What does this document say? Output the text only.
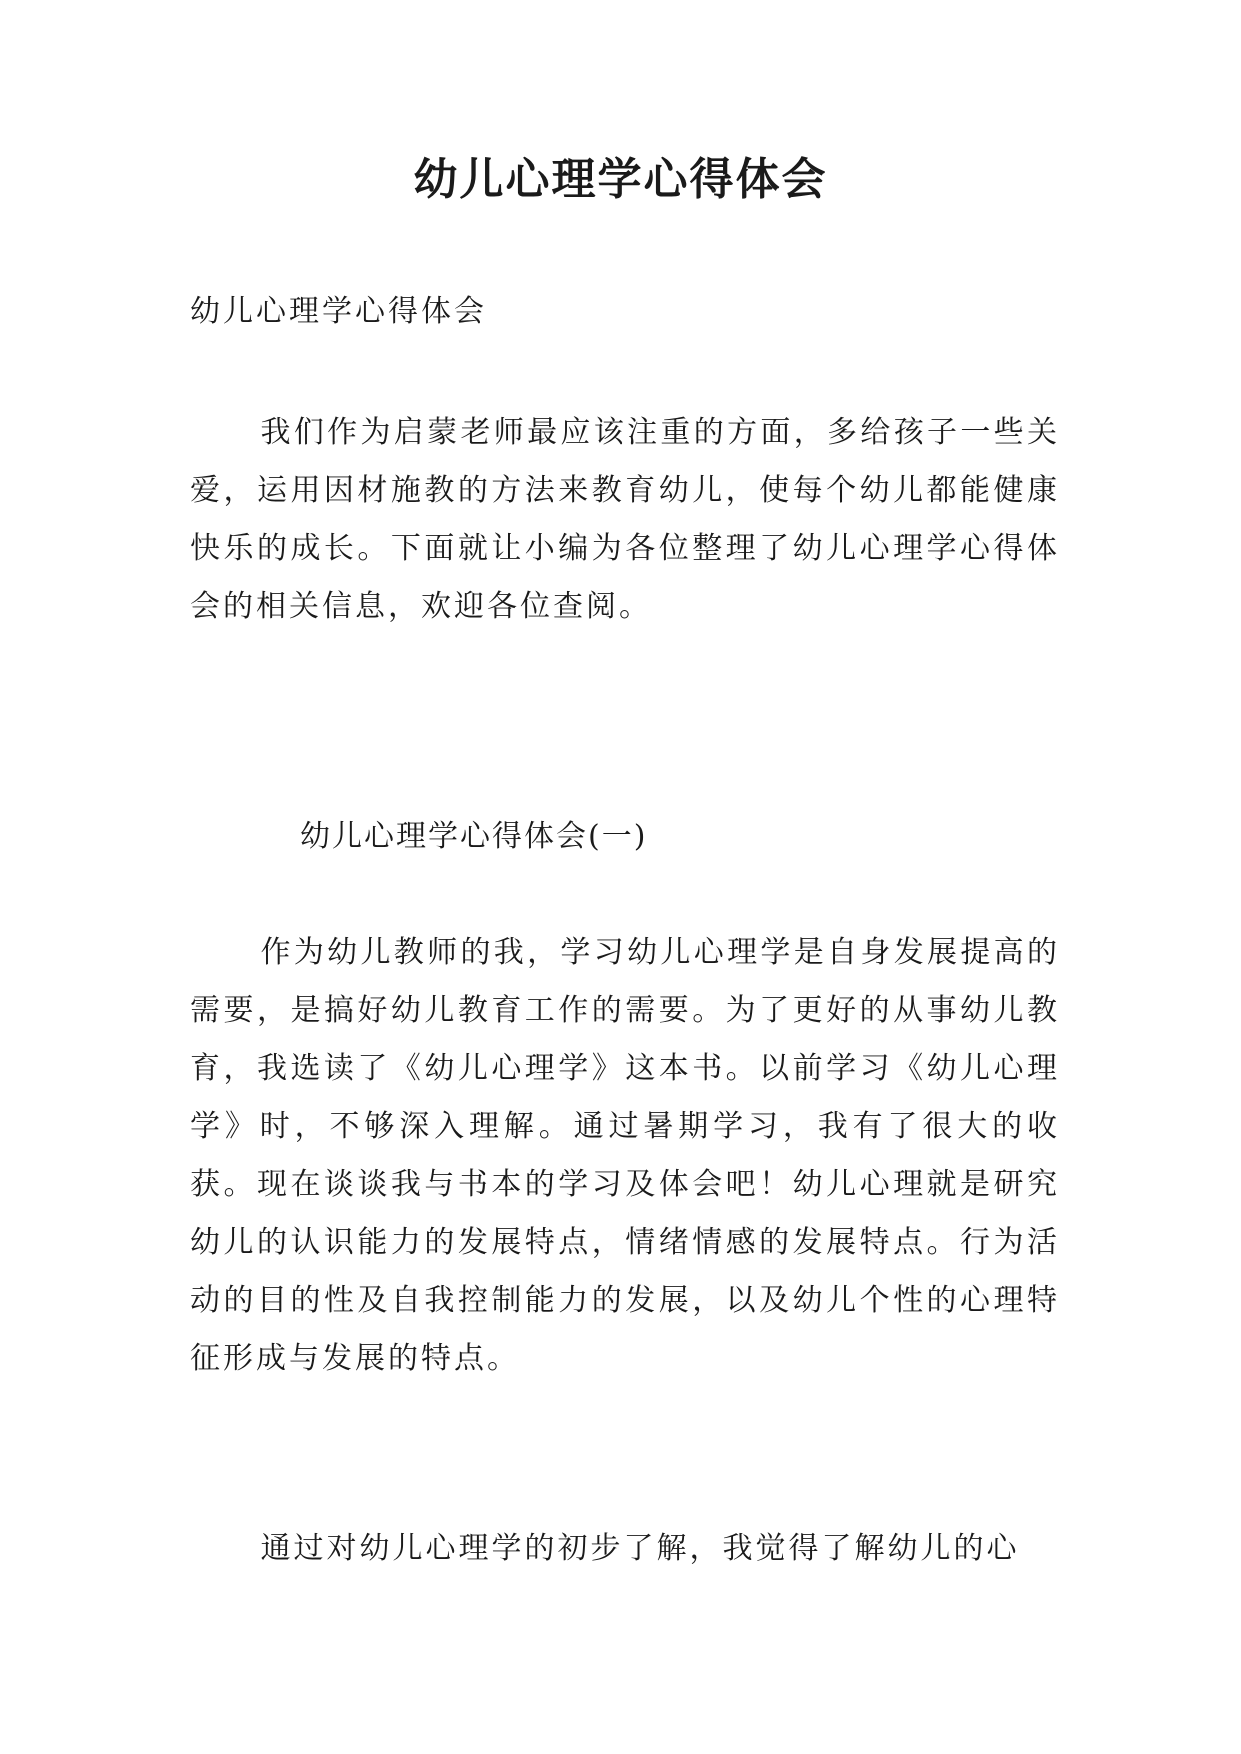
幼儿心理学心得体会
幼儿心理学心得体会

我们作为启蒙老师最应该注重的方面，多给孩子一些关爱，运用因材施教的方法来教育幼儿，使每个幼儿都能健康快乐的成长。下面就让小编为各位整理了幼儿心理学心得体会的相关信息，欢迎各位查阅。

幼儿心理学心得体会(一)

作为幼儿教师的我，学习幼儿心理学是自身发展提高的需要，是搞好幼儿教育工作的需要。为了更好的从事幼儿教育，我选读了《幼儿心理学》这本书。以前学习《幼儿心理学》时，不够深入理解。通过暑期学习，我有了很大的收获。现在谈谈我与书本的学习及体会吧！幼儿心理就是研究幼儿的认识能力的发展特点，情绪情感的发展特点。行为活动的目的性及自我控制能力的发展，以及幼儿个性的心理特征形成与发展的特点。

通过对幼儿心理学的初步了解，我觉得了解幼儿的心
